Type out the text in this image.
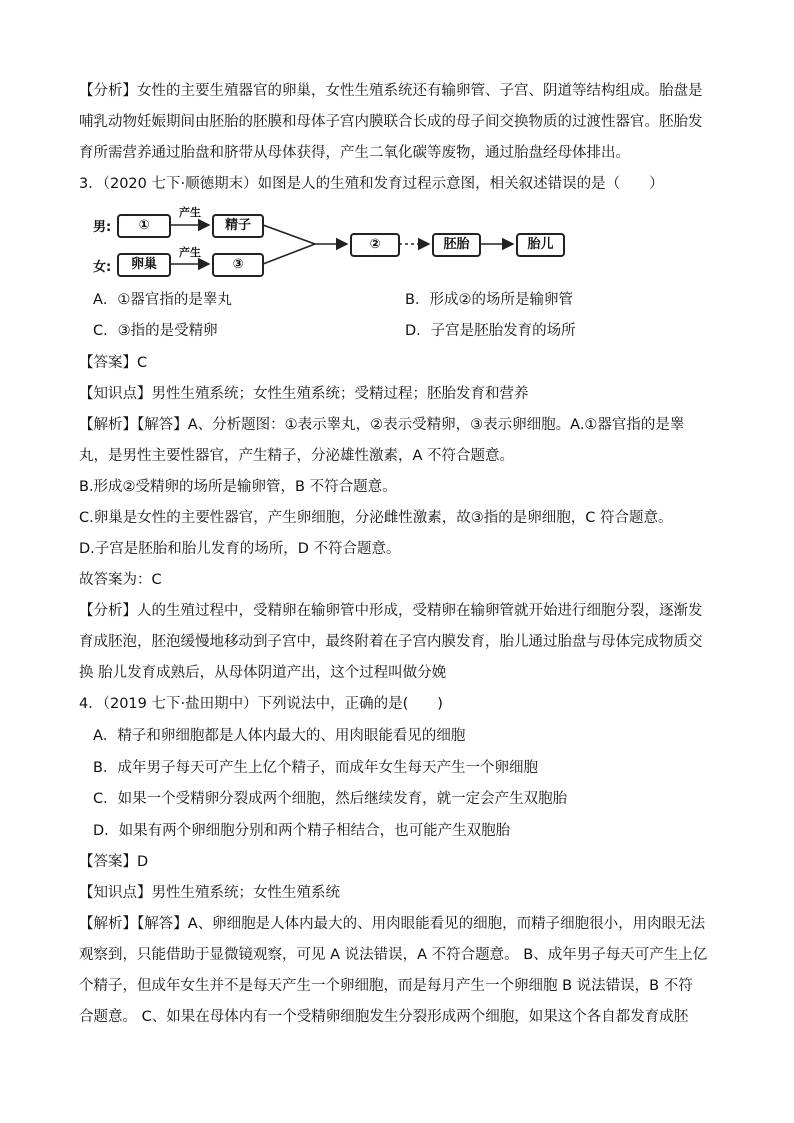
【分析】女性的主要生殖器官的卵巢，女性生殖系统还有输卵管、子宫、阴道等结构组成。胎盘是
哺乳动物妊娠期间由胚胎的胚膜和母体子宫内膜联合长成的母子间交换物质的过渡性器官。胚胎发
育所需营养通过胎盘和脐带从母体获得，产生二氧化碳等废物，通过胎盘经母体排出。
3．（2020 七下·顺德期末）如图是人的生殖和发育过程示意图，相关叙述错误的是（　　）
男:
女:
①	精子
卵巢	③
产生
产生
②	胚胎	胎儿
A．①器官指的是睾丸	B．形成②的场所是输卵管
C．③指的是受精卵	D．子宫是胚胎发育的场所
【答案】C
【知识点】男性生殖系统；女性生殖系统；受精过程；胚胎发育和营养
【解析】【解答】A、分析题图：①表示睾丸，②表示受精卵，③表示卵细胞。A.①器官指的是睾
丸，是男性主要性器官，产生精子，分泌雄性激素，A 不符合题意。
B.形成②受精卵的场所是输卵管，B 不符合题意。
C.卵巢是女性的主要性器官，产生卵细胞，分泌雌性激素，故③指的是卵细胞，C 符合题意。
D.子宫是胚胎和胎儿发育的场所，D 不符合题意。
故答案为：C
【分析】人的生殖过程中，受精卵在输卵管中形成，受精卵在输卵管就开始进行细胞分裂，逐渐发
育成胚泡，胚泡缓慢地移动到子宫中，最终附着在子宫内膜发育，胎儿通过胎盘与母体完成物质交
换 胎儿发育成熟后，从母体阴道产出，这个过程叫做分娩
4．（2019 七下·盐田期中）下列说法中，正确的是(　　)
A．精子和卵细胞都是人体内最大的、用肉眼能看见的细胞
B．成年男子每天可产生上亿个精子，而成年女生每天产生一个卵细胞
C．如果一个受精卵分裂成两个细胞，然后继续发育，就一定会产生双胞胎
D．如果有两个卵细胞分别和两个精子相结合，也可能产生双胞胎
【答案】D
【知识点】男性生殖系统；女性生殖系统
【解析】【解答】A、卵细胞是人体内最大的、用肉眼能看见的细胞，而精子细胞很小，用肉眼无法
观察到，只能借助于显微镜观察，可见 A 说法错误，A 不符合题意。 B、成年男子每天可产生上亿
个精子，但成年女生并不是每天产生一个卵细胞，而是每月产生一个卵细胞 B 说法错误，B 不符
合题意。 C、如果在母体内有一个受精卵细胞发生分裂形成两个细胞，如果这个各自都发育成胚
